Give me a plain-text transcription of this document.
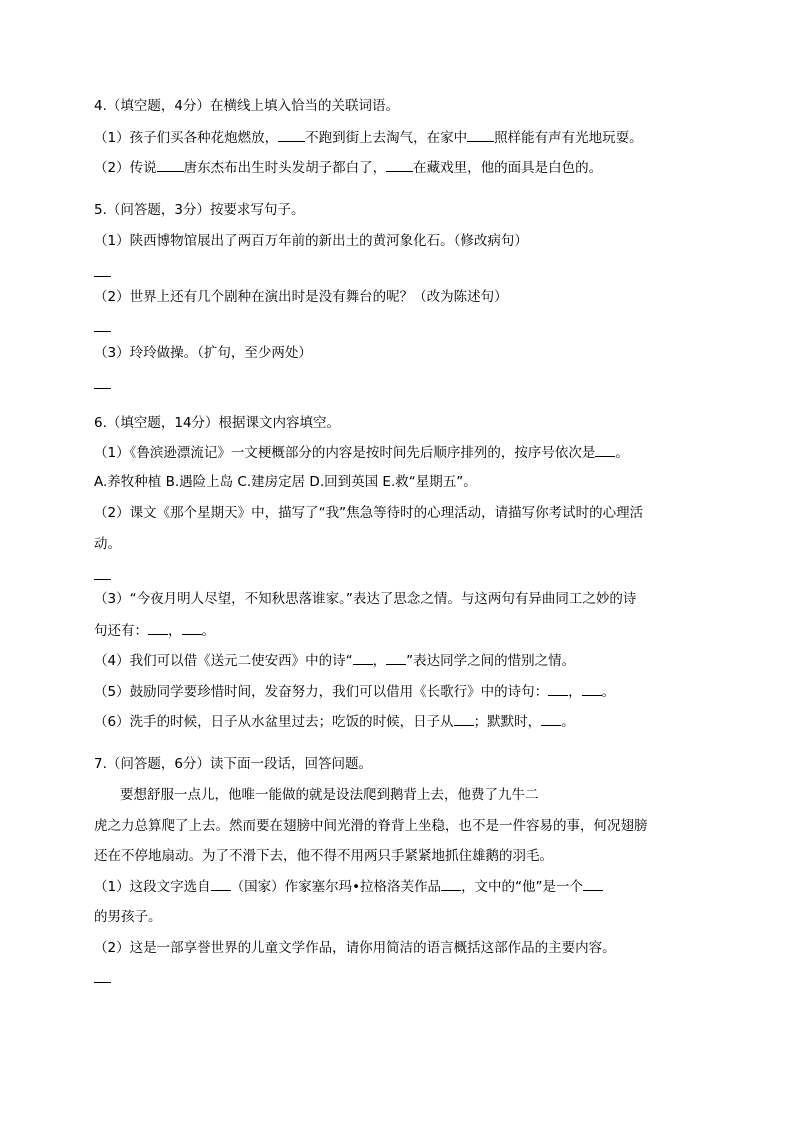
4.（填空题，4分）在横线上填入恰当的关联词语。
（1）孩子们买各种花炮燃放， 不跑到街上去淘气，在家中 照样能有声有光地玩耍。
（2）传说 唐东杰布出生时头发胡子都白了， 在藏戏里，他的面具是白色的。
5.（问答题，3分）按要求写句子。
（1）陕西博物馆展出了两百万年前的新出土的黄河象化石。（修改病句）
（2）世界上还有几个剧种在演出时是没有舞台的呢？（改为陈述句）
（3）玲玲做操。（扩句，至少两处）
6.（填空题，14分）根据课文内容填空。
（1）《鲁滨逊漂流记》一文梗概部分的内容是按时间先后顺序排列的，按序号依次是 。
A.养牧种植 B.遇险上岛 C.建房定居 D.回到英国 E.救“星期五”。
（2）课文《那个星期天》中，描写了“我”焦急等待时的心理活动，请描写你考试时的心理活
动。
（3）“今夜月明人尽望，不知秋思落谁家。”表达了思念之情。与这两句有异曲同工之妙的诗
句还有： ， 。
（4）我们可以借《送元二使安西》中的诗“ ， ”表达同学之间的惜别之情。
（5）鼓励同学要珍惜时间，发奋努力，我们可以借用《长歌行》中的诗句： ， 。
（6）洗手的时候，日子从水盆里过去；吃饭的时候，日子从 ；默默时， 。
7.（问答题，6分）读下面一段话，回答问题。
要想舒服一点儿，他唯一能做的就是设法爬到鹅背上去，他费了九牛二
虎之力总算爬了上去。然而要在翅膀中间光滑的脊背上坐稳，也不是一件容易的事，何况翅膀
还在不停地扇动。为了不滑下去，他不得不用两只手紧紧地抓住雄鹅的羽毛。
（1）这段文字选自 （国家）作家塞尔玛•拉格洛芙作品 ，文中的“他”是一个
的男孩子。
（2）这是一部享誉世界的儿童文学作品，请你用简洁的语言概括这部作品的主要内容。
